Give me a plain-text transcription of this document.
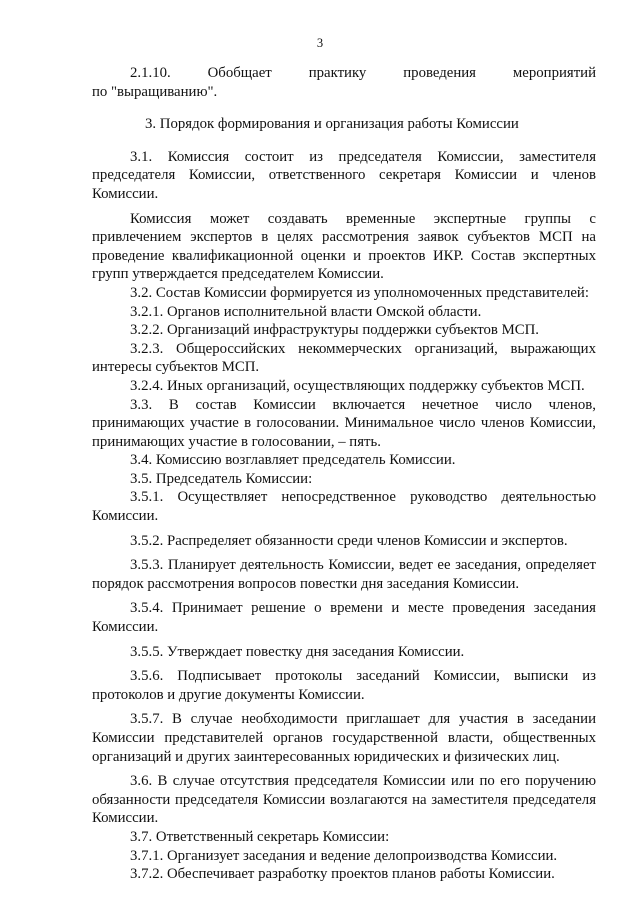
3
2.1.10. Обобщает практику проведения мероприятий

по "выращиванию".

3. Порядок формирования и организация работы Комиссии

3.1. Комиссия состоит из председателя Комиссии, заместителя председателя Комиссии, ответственного секретаря Комиссии и членов Комиссии.

Комиссия может создавать временные экспертные группы с привлечением экспертов в целях рассмотрения заявок субъектов МСП на проведение квалификационной оценки и проектов ИКР. Состав экспертных групп утверждается председателем Комиссии.

3.2. Состав Комиссии формируется из уполномоченных представителей:

3.2.1. Органов исполнительной власти Омской области.

3.2.2. Организаций инфраструктуры поддержки субъектов МСП.

3.2.3. Общероссийских некоммерческих организаций, выражающих интересы субъектов МСП.

3.2.4. Иных организаций, осуществляющих поддержку субъектов МСП.

3.3. В состав Комиссии включается нечетное число членов, принимающих участие в голосовании. Минимальное число членов Комиссии, принимающих участие в голосовании, – пять.

3.4. Комиссию возглавляет председатель Комиссии.

3.5. Председатель Комиссии:

3.5.1. Осуществляет непосредственное руководство деятельностью Комиссии.

3.5.2. Распределяет обязанности среди членов Комиссии и экспертов.

3.5.3. Планирует деятельность Комиссии, ведет ее заседания, определяет порядок рассмотрения вопросов повестки дня заседания Комиссии.

3.5.4. Принимает решение о времени и месте проведения заседания Комиссии.

3.5.5. Утверждает повестку дня заседания Комиссии.

3.5.6. Подписывает протоколы заседаний Комиссии, выписки из протоколов и другие документы Комиссии.

3.5.7. В случае необходимости приглашает для участия в заседании Комиссии представителей органов государственной власти, общественных организаций и других заинтересованных юридических и физических лиц.

3.6. В случае отсутствия председателя Комиссии или по его поручению обязанности председателя Комиссии возлагаются на заместителя председателя Комиссии.

3.7. Ответственный секретарь Комиссии:

3.7.1. Организует заседания и ведение делопроизводства Комиссии.

3.7.2. Обеспечивает разработку проектов планов работы Комиссии.
